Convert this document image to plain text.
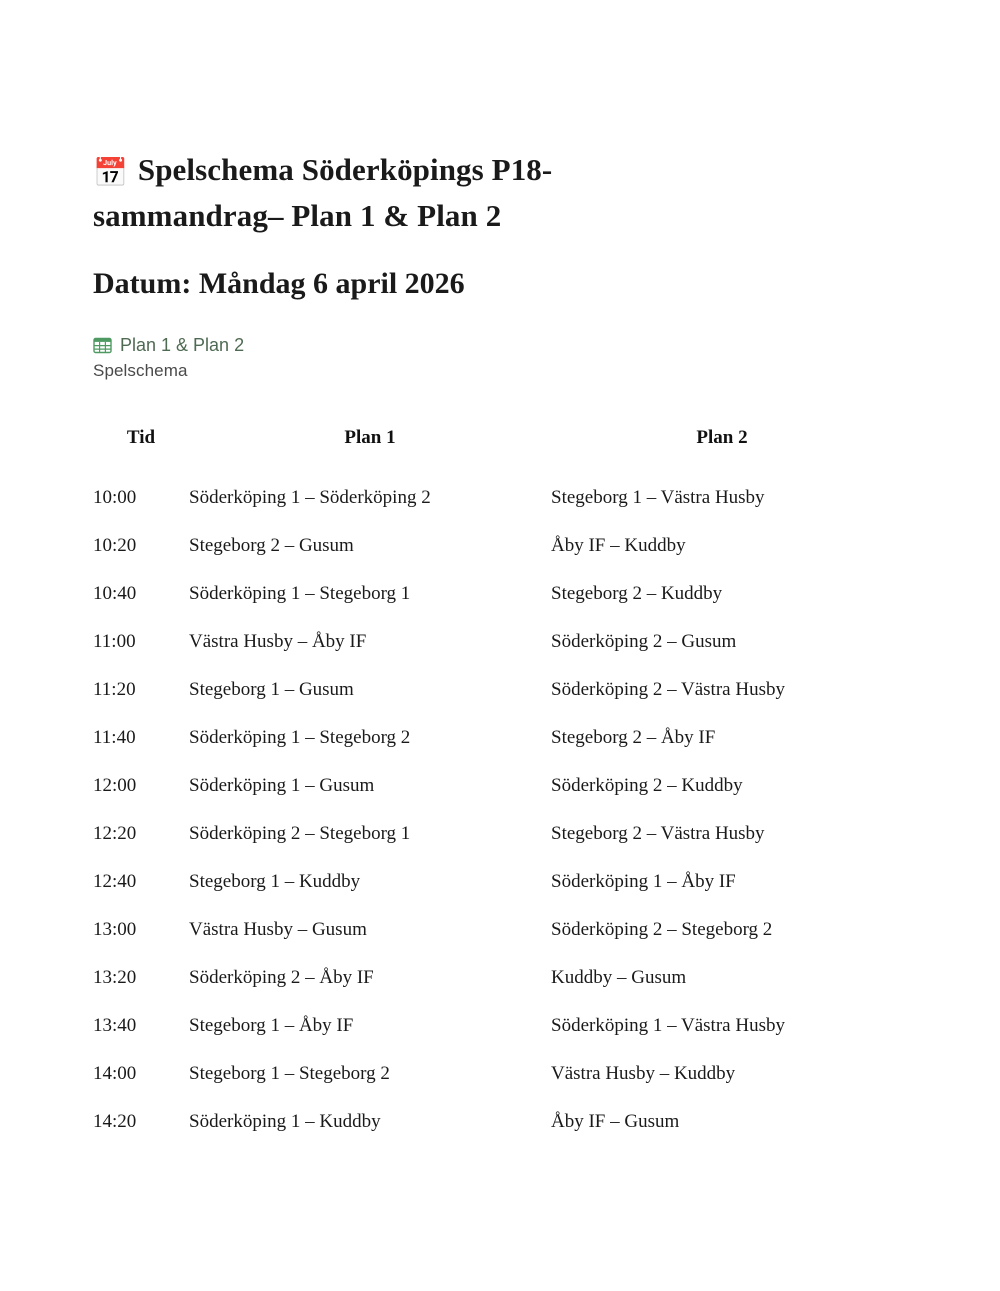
📅 Spelschema Söderköpings P18-sammandrag– Plan 1 & Plan 2
Datum: Måndag 6 april 2026
Plan 1 & Plan 2
Spelschema
Tid	Plan 1	Plan 2
10:00	Söderköping 1 – Söderköping 2	Stegeborg 1 – Västra Husby
10:20	Stegeborg 2 – Gusum	Åby IF – Kuddby
10:40	Söderköping 1 – Stegeborg 1	Stegeborg 2 – Kuddby
11:00	Västra Husby – Åby IF	Söderköping 2 – Gusum
11:20	Stegeborg 1 – Gusum	Söderköping 2 – Västra Husby
11:40	Söderköping 1 – Stegeborg 2	Stegeborg 2 – Åby IF
12:00	Söderköping 1 – Gusum	Söderköping 2 – Kuddby
12:20	Söderköping 2 – Stegeborg 1	Stegeborg 2 – Västra Husby
12:40	Stegeborg 1 – Kuddby	Söderköping 1 – Åby IF
13:00	Västra Husby – Gusum	Söderköping 2 – Stegeborg 2
13:20	Söderköping 2 – Åby IF	Kuddby – Gusum
13:40	Stegeborg 1 – Åby IF	Söderköping 1 – Västra Husby
14:00	Stegeborg 1 – Stegeborg 2	Västra Husby – Kuddby
14:20	Söderköping 1 – Kuddby	Åby IF – Gusum
